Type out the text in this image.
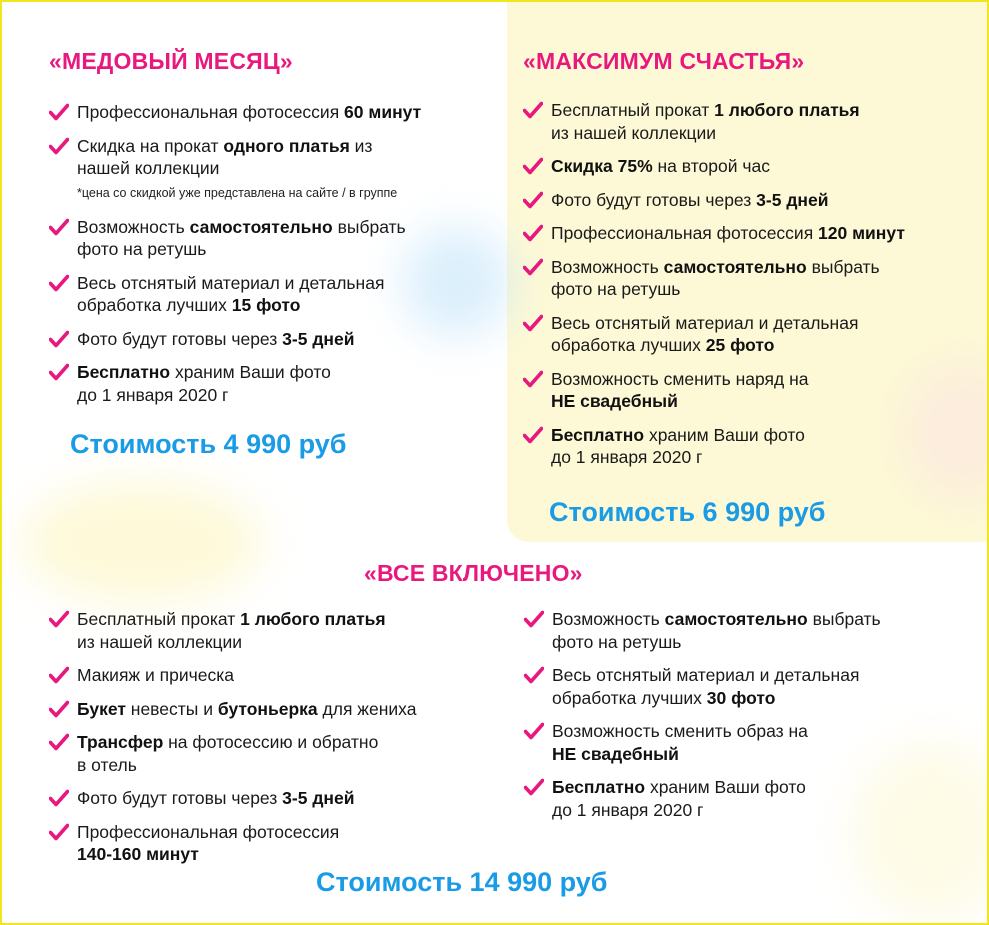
«МЕДОВЫЙ МЕСЯЦ»
Профессиональная фотосессия 60 минут
Скидка на прокат одного платья из
нашей коллекции
*цена со скидкой уже представлена на сайте / в группе
Возможность самостоятельно выбрать
фото на ретушь
Весь отснятый материал и детальная
обработка лучших 15 фото
Фото будут готовы через 3-5 дней
Бесплатно храним Ваши фото
до 1 января 2020 г
Стоимость 4 990 руб
«МАКСИМУМ СЧАСТЬЯ»
Бесплатный прокат 1 любого платья
из нашей коллекции
Скидка 75% на второй час
Фото будут готовы через 3-5 дней
Профессиональная фотосессия 120 минут
Возможность самостоятельно выбрать
фото на ретушь
Весь отснятый материал и детальная
обработка лучших 25 фото
Возможность сменить наряд на
НЕ свадебный
Бесплатно храним Ваши фото
до 1 января 2020 г
Стоимость 6 990 руб
«ВСЕ ВКЛЮЧЕНО»
Бесплатный прокат 1 любого платья
из нашей коллекции
Макияж и прическа
Букет невесты и бутоньерка для жениха
Трансфер на фотосессию и обратно
в отель
Фото будут готовы через 3-5 дней
Профессиональная фотосессия
140-160 минут
Возможность самостоятельно выбрать
фото на ретушь
Весь отснятый материал и детальная
обработка лучших 30 фото
Возможность сменить образ на
НЕ свадебный
Бесплатно храним Ваши фото
до 1 января 2020 г
Стоимость 14 990 руб
